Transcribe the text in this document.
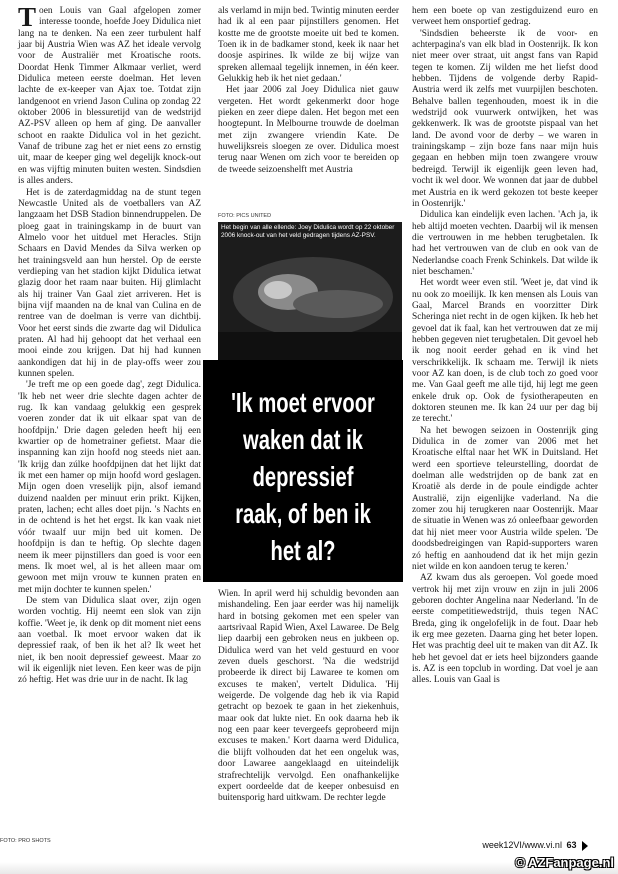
T oen Louis van Gaal afgelopen zomer interesse toonde, hoefde Joey Didulica niet lang na te denken. Na een zeer turbulent half jaar bij Austria Wien was AZ het ideale vervolg voor de Australiër met Kroatische roots. Doordat Henk Timmer Alkmaar verliet, werd Didulica meteen eerste doelman. Het leven lachte de ex-keeper van Ajax toe. Totdat zijn landgenoot en vriend Jason Culina op zondag 22 oktober 2006 in blessuretijd van de wedstrijd AZ-PSV alleen op hem af ging. De aanvaller schoot en raakte Didulica vol in het gezicht. Vanaf de tribune zag het er niet eens zo ernstig uit, maar de keeper ging wel degelijk knock-out en was vijftig minuten buiten westen. Sindsdien is alles anders.

Het is de zaterdagmiddag na de stunt tegen Newcastle United als de voetballers van AZ langzaam het DSB Stadion binnendruppelen. De ploeg gaat in trainingskamp in de buurt van Almelo voor het uitduel met Heracles. Stijn Schaars en David Mendes da Silva werken op het trainingsveld aan hun herstel. Op de eerste verdieping van het stadion kijkt Didulica ietwat glazig door het raam naar buiten. Hij glimlacht als hij trainer Van Gaal ziet arriveren. Het is bijna vijf maanden na de knal van Culina en de rentree van de doelman is verre van dichtbij. Voor het eerst sinds die zwarte dag wil Didulica praten. Al had hij gehoopt dat het verhaal een mooi einde zou krijgen. Dat hij had kunnen aankondigen dat hij in de play-offs weer zou kunnen spelen.

'Je treft me op een goede dag', zegt Didulica. 'Ik heb net weer drie slechte dagen achter de rug. Ik kan vandaag gelukkig een gesprek voeren zonder dat ik uit elkaar spat van de hoofdpijn.' Drie dagen geleden heeft hij een kwartier op de hometrainer gefietst. Maar die inspanning kan zijn hoofd nog steeds niet aan. 'Ik krijg dan zúlke hoofdpijnen dat het lijkt dat ik met een hamer op mijn hoofd word geslagen. Mijn ogen doen vreselijk pijn, alsof iemand duizend naalden per minuut erin prikt. Kijken, praten, lachen; echt alles doet pijn. 's Nachts en in de ochtend is het het ergst. Ik kan vaak niet vóór twaalf uur mijn bed uit komen. De hoofdpijn is dan te heftig. Op slechte dagen neem ik meer pijnstillers dan goed is voor een mens. Ik moet wel, al is het alleen maar om gewoon met mijn vrouw te kunnen praten en met mijn dochter te kunnen spelen.'

De stem van Didulica slaat over, zijn ogen worden vochtig. Hij neemt een slok van zijn koffie. 'Weet je, ik denk op dit moment niet eens aan voetbal. Ik moet ervoor waken dat ik depressief raak, of ben ik het al? Ik weet het niet, ik ben nooit depressief geweest. Maar zo wil ik eigenlijk niet leven. Een keer was de pijn zó heftig. Het was drie uur in de nacht. Ik lag

als verlamd in mijn bed. Twintig minuten eerder had ik al een paar pijnstillers genomen. Het kostte me de grootste moeite uit bed te komen. Toen ik in de badkamer stond, keek ik naar het doosje aspirines. Ik wilde ze bij wijze van spreken allemaal tegelijk innemen, in één keer. Gelukkig heb ik het niet gedaan.'

Het jaar 2006 zal Joey Didulica niet gauw vergeten. Het wordt gekenmerkt door hoge pieken en zeer diepe dalen. Het begon met een hoogtepunt. In Melbourne trouwde de doelman met zijn zwangere vriendin Kate. De huwelijksreis sloegen ze over. Didulica moest terug naar Wenen om zich voor te bereiden op de tweede seizoenshelft met Austria

FOTO: PICS UNITED
Het begin van alle ellende: Joey Didulica wordt op 22 oktober 2006 knock-out van het veld gedragen tijdens AZ-PSV.
'Ik moet ervoor waken dat ik depressief raak, of ben ik het al?

Wien. In april werd hij schuldig bevonden aan mishandeling. Een jaar eerder was hij namelijk hard in botsing gekomen met een speler van aartsrivaal Rapid Wien, Axel Lawaree. De Belg liep daarbij een gebroken neus en jukbeen op. Didulica werd van het veld gestuurd en voor zeven duels geschorst. 'Na die wedstrijd probeerde ik direct bij Lawaree te komen om excuses te maken', vertelt Didulica. 'Hij weigerde. De volgende dag heb ik via Rapid getracht op bezoek te gaan in het ziekenhuis, maar ook dat lukte niet. En ook daarna heb ik nog een paar keer tevergeefs geprobeerd mijn excuses te maken.' Kort daarna werd Didulica, die blijft volhouden dat het een ongeluk was, door Lawaree aangeklaagd en uiteindelijk strafrechtelijk vervolgd. Een onafhankelijke expert oordeelde dat de keeper onbesuisd en buitensporig hard uitkwam. De rechter legde

hem een boete op van zestigduizend euro en verweet hem onsportief gedrag.

'Sindsdien beheerste ik de voor- en achterpagina's van elk blad in Oostenrijk. Ik kon niet meer over straat, uit angst fans van Rapid tegen te komen. Zij wilden me het liefst dood hebben. Tijdens de volgende derby Rapid-Austria werd ik zelfs met vuurpijlen beschoten. Behalve ballen tegenhouden, moest ik in die wedstrijd ook vuurwerk ontwijken, het was gekkenwerk. Ik was de grootste pispaal van het land. De avond voor de derby – we waren in trainingskamp – zijn boze fans naar mijn huis gegaan en hebben mijn toen zwangere vrouw bedreigd. Terwijl ik eigenlijk geen leven had, vocht ik wel door. We wonnen dat jaar de dubbel met Austria en ik werd gekozen tot beste keeper in Oostenrijk.'

Didulica kan eindelijk even lachen. 'Ach ja, ik heb altijd moeten vechten. Daarbij wil ik mensen die vertrouwen in me hebben terugbetalen. Ik had het vertrouwen van de club en ook van de Nederlandse coach Frenk Schinkels. Dat wilde ik niet beschamen.'

Het wordt weer even stil. 'Weet je, dat vind ik nu ook zo moeilijk. Ik ken mensen als Louis van Gaal, Marcel Brands en voorzitter Dirk Scheringa niet recht in de ogen kijken. Ik heb het gevoel dat ik faal, kan het vertrouwen dat ze mij hebben gegeven niet terugbetalen. Dit gevoel heb ik nog nooit eerder gehad en ik vind het verschrikkelijk. Ik schaam me. Terwijl ik niets voor AZ kan doen, is de club toch zo goed voor me. Van Gaal geeft me alle tijd, hij legt me geen enkele druk op. Ook de fysiotherapeuten en doktoren steunen me. Ik kan 24 uur per dag bij ze terecht.'

Na het bewogen seizoen in Oostenrijk ging Didulica in de zomer van 2006 met het Kroatische elftal naar het WK in Duitsland. Het werd een sportieve teleurstelling, doordat de doelman alle wedstrijden op de bank zat en Kroatië als derde in de poule eindigde achter Australië, zijn eigenlijke vaderland. Na die zomer zou hij terugkeren naar Oostenrijk. Maar de situatie in Wenen was zó onleefbaar geworden dat hij niet meer voor Austria wilde spelen. 'De doodsbedreigingen van Rapid-supporters waren zó heftig en aanhoudend dat ik het mijn gezin niet wilde en kon aandoen terug te keren.'

AZ kwam dus als geroepen. Vol goede moed vertrok hij met zijn vrouw en zijn in juli 2006 geboren dochter Angelina naar Nederland. 'In de eerste competitiewedstrijd, thuis tegen NAC Breda, ging ik ongelofelijk in de fout. Daar heb ik erg mee gezeten. Daarna ging het beter lopen. Het was prachtig deel uit te maken van dit AZ. Ik heb het gevoel dat er iets heel bijzonders gaande is. AZ is een topclub in wording. Dat voel je aan alles. Louis van Gaal is

FOTO: PRO SHOTS	week12VI/www.vi.nl 63
© AZFanpage.nl
